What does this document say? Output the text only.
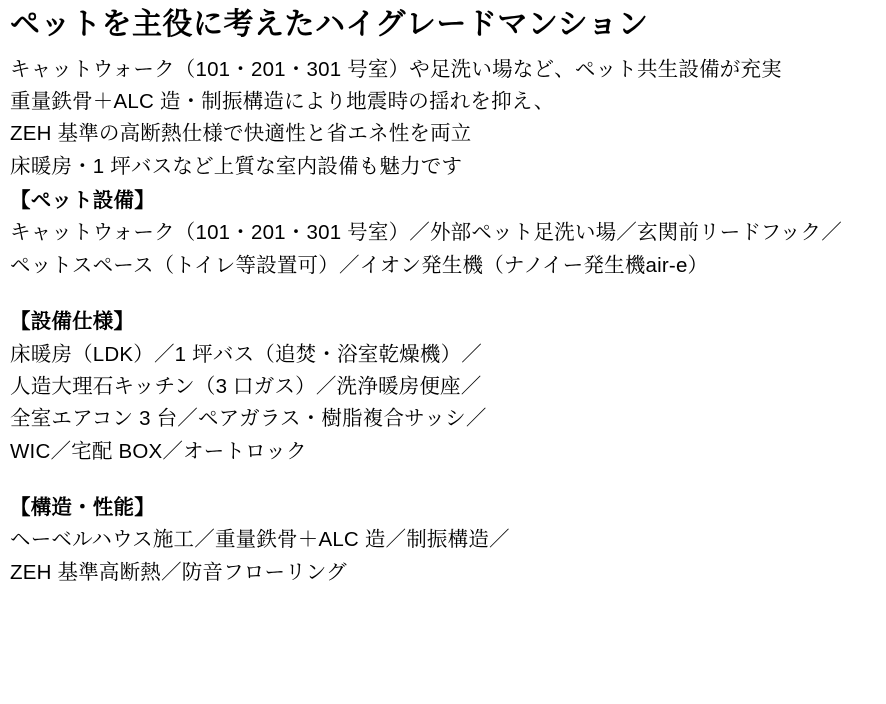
ペットを主役に考えたハイグレードマンション
キャットウォーク（101・201・301 号室）や足洗い場など、ペット共生設備が充実
重量鉄骨＋ALC 造・制振構造により地震時の揺れを抑え、
ZEH 基準の高断熱仕様で快適性と省エネ性を両立
床暖房・1 坪バスなど上質な室内設備も魅力です
【ペット設備】
キャットウォーク（101・201・301 号室）／外部ペット足洗い場／玄関前リードフック／
ペットスペース（トイレ等設置可）／イオン発生機（ナノイー発生機air-e）
【設備仕様】
床暖房（LDK）／1 坪バス（追焚・浴室乾燥機）／
人造大理石キッチン（3 口ガス）／洗浄暖房便座／
全室エアコン 3 台／ペアガラス・樹脂複合サッシ／
WIC／宅配 BOX／オートロック
【構造・性能】
ヘーベルハウス施工／重量鉄骨＋ALC 造／制振構造／
ZEH 基準高断熱／防音フローリング
